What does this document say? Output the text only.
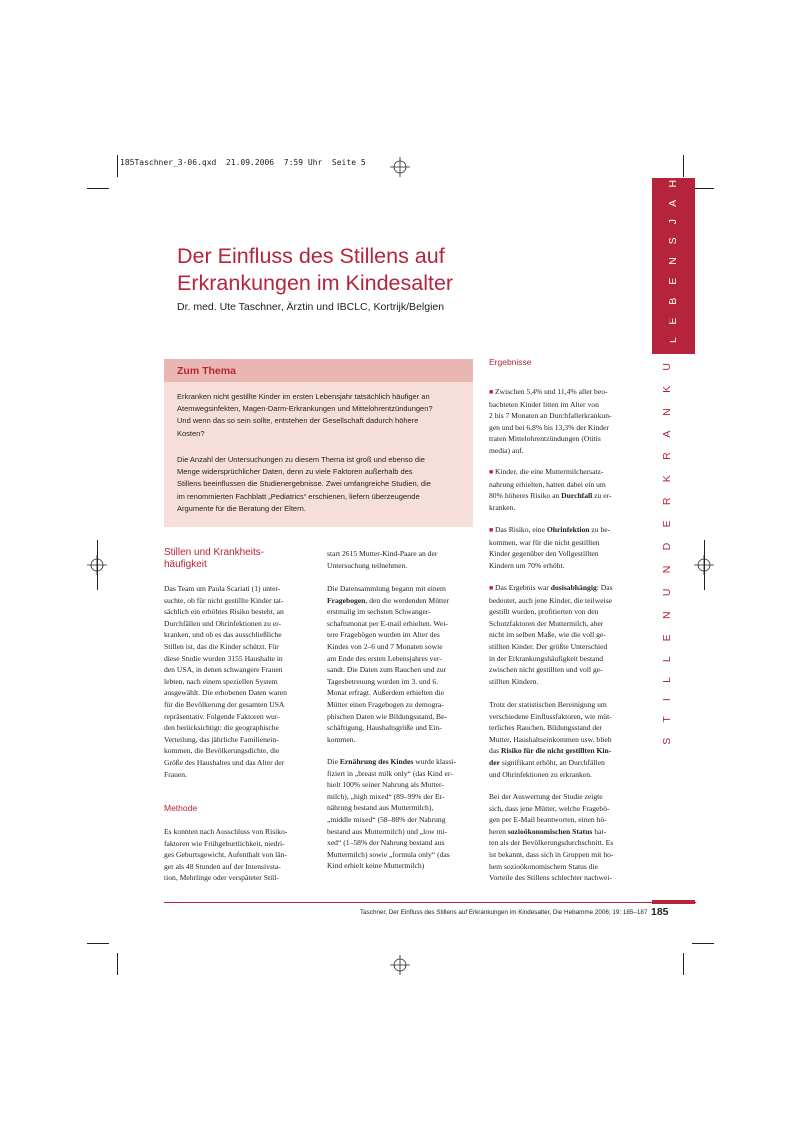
185Taschner_3-06.qxd  21.09.2006  7:59 Uhr  Seite 5	1 . L E B E N S J A H R
S T I L L E N U N D E R K R A N K U N G E N
Der Einfluss des Stillens auf
Erkrankungen im Kindesalter
Dr. med. Ute Taschner, Ärztin und IBCLC, Kortrijk/Belgien
Zum Thema
Erkranken nicht gestillte Kinder im ersten Lebensjahr tatsächlich häufiger an
Atemwegsinfekten, Magen-Darm-Erkrankungen und Mittelohrentzündungen?
Und wenn das so sein sollte, entstehen der Gesellschaft dadurch höhere
Kosten?
Die Anzahl der Untersuchungen zu diesem Thema ist groß und ebenso die
Menge widersprüchlicher Daten, denn zu viele Faktoren außerhalb des
Stillens beeinflussen die Studienergebnisse. Zwei umfangreiche Studien, die
im renommierten Fachblatt „Pediatrics“ erschienen, liefern überzeugende
Argumente für die Beratung der Eltern.
Stillen und Krankheits-
häufigkeit
Das Team um Paula Scariati (1) unter-
suchte, ob für nicht gestillte Kinder tat-
sächlich ein erhöhtes Risiko besteht, an
Durchfällen und Ohrinfektionen zu er-
kranken, und ob es das ausschließliche
Stillen ist, das die Kinder schützt. Für
diese Studie wurden 3155 Haushalte in
den USA, in denen schwangere Frauen
lebten, nach einem speziellen System
ausgewählt. Die erhobenen Daten waren
für die Bevölkerung der gesamten USA
repräsentativ. Folgende Faktoren wur-
den berücksichtigt: die geographische
Verteilung, das jährliche Familienein-
kommen, die Bevölkerungsdichte, die
Größe des Haushaltes und das Alter der
Frauen.
Methode
Es konnten nach Ausschluss von Risiko-
faktoren wie Frühgeburtlichkeit, niedri-
ges Geburtsgewicht, Aufenthalt von län-
ger als 48 Stunden auf der Intensivsta-
tion, Mehrlinge oder verspäteter Still-
start 2615 Mutter-Kind-Paare an der
Untersuchung teilnehmen.
Die Datensammlung begann mit einem
Fragebogen, den die werdenden Mütter
erstmalig im sechsten Schwanger-
schaftsmonat per E-mail erhielten. Wei-
tere Fragebögen wurden im Alter des
Kindes von 2–6 und 7 Monaten sowie
am Ende des ersten Lebensjahres ver-
sandt. Die Daten zum Rauchen und zur
Tagesbetreuung wurden im 3. und 6.
Monat erfragt. Außerdem erhielten die
Mütter einen Fragebogen zu demogra-
phischen Daten wie Bildungsstand, Be-
schäftigung, Haushaltsgröße und Ein-
kommen.
Die Ernährung des Kindes wurde klassi-
fiziert in „breast milk only“ (das Kind er-
hielt 100% seiner Nahrung als Mutter-
milch), „high mixed“ (89–99% der Er-
nährung bestand aus Muttermilch),
„middle mixed“ (58–88% der Nahrung
bestand aus Muttermilch) und „low mi-
xed“ (1–58% der Nahrung bestand aus
Muttermilch) sowie „formula only“ (das
Kind erhielt keine Muttermilch)
Ergebnisse
■ Zwischen 5,4% und 11,4% aller beo-
bachteten Kinder litten im Alter von
2 bis 7 Monaten an Durchfallerkrankun-
gen und bei 6,8% bis 13,3% der Kinder
traten Mittelohrentzündungen (Otitis
media) auf.
■ Kinder, die eine Muttermilchersatz-
nahrung erhielten, hatten dabei ein um
80% höheres Risiko an Durchfall zu er-
kranken.
■ Das Risiko, eine Ohrinfektion zu be-
kommen, war für die nicht gestillten
Kinder gegenüber den Vollgestillten
Kindern um 70% erhöht.
■ Das Ergebnis war dosisabhängig: Das
bedeutet, auch jene Kinder, die teilweise
gestillt wurden, profitierten von den
Schutzfaktoren der Muttermilch, aber
nicht im selben Maße, wie die voll ge-
stillten Kinder. Der größte Unterschied
in der Erkrankungshäufigkeit bestand
zwischen nicht gestillten und voll ge-
stillten Kindern.
Trotz der statistischen Bereinigung um
verschiedene Einflussfaktoren, wie müt-
terliches Rauchen, Bildungsstand der
Mutter, Haushaltseinkommen usw. blieb
das Risiko für die nicht gestillten Kin-
der signifikant erhöht, an Durchfällen
und Ohrinfektionen zu erkranken.
Bei der Auswertung der Studie zeigte
sich, dass jene Mütter, welche Fragebö-
gen per E-Mail beantworten, einen hö-
heren sozioökonomischen Status hat-
ten als der Bevölkerungsdurchschnitt. Es
ist bekannt, dass sich in Gruppen mit ho-
hem sozioökonomischem Status die
Vorteile des Stillens schlechter nachwei-
Taschner, Der Einfluss des Stillens auf Erkrankungen im Kindesalter, Die Hebamme 2006; 19: 185–187 185
